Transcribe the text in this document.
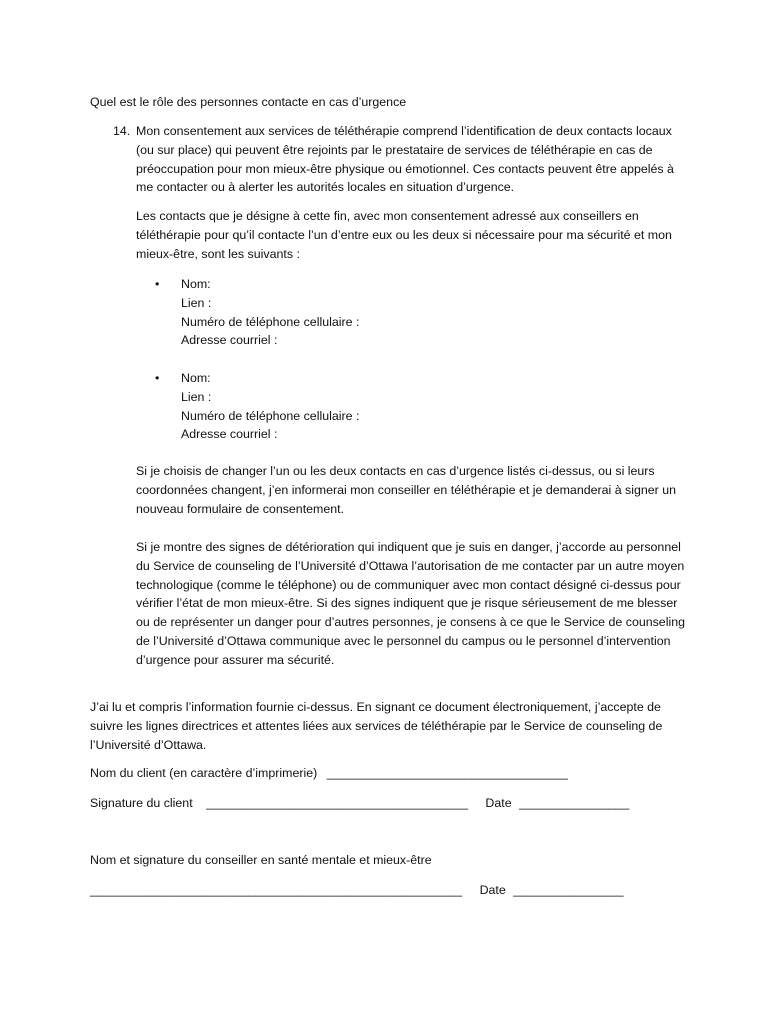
Quel est le rôle des personnes contacte en cas d’urgence
14. Mon consentement aux services de téléthérapie comprend l’identification de deux contacts locaux (ou sur place) qui peuvent être rejoints par le prestataire de services de téléthérapie en cas de préoccupation pour mon mieux-être physique ou émotionnel. Ces contacts peuvent être appelés à me contacter ou à alerter les autorités locales en situation d’urgence.
Les contacts que je désigne à cette fin, avec mon consentement adressé aux conseillers en téléthérapie pour qu’il contacte l’un d’entre eux ou les deux si nécessaire pour ma sécurité et mon mieux-être, sont les suivants :
•	Nom:
Lien :
Numéro de téléphone cellulaire :
Adresse courriel :
•	Nom:
Lien :
Numéro de téléphone cellulaire :
Adresse courriel :
Si je choisis de changer l’un ou les deux contacts en cas d’urgence listés ci-dessus, ou si leurs coordonnées changent, j’en informerai mon conseiller en téléthérapie et je demanderai à signer un nouveau formulaire de consentement.
Si je montre des signes de détérioration qui indiquent que je suis en danger, j’accorde au personnel du Service de counseling de l’Université d’Ottawa l’autorisation de me contacter par un autre moyen technologique (comme le téléphone) ou de communiquer avec mon contact désigné ci-dessus pour vérifier l’état de mon mieux-être. Si des signes indiquent que je risque sérieusement de me blesser ou de représenter un danger pour d’autres personnes, je consens à ce que le Service de counseling de l’Université d’Ottawa communique avec le personnel du campus ou le personnel d’intervention d’urgence pour assurer ma sécurité.
J’ai lu et compris l’information fournie ci-dessus. En signant ce document électroniquement, j’accepte de suivre les lignes directrices et attentes liées aux services de téléthérapie par le Service de counseling de l’Université d’Ottawa.
Nom du client (en caractère d’imprimerie) ___________________________________
Signature du client ______________________________________ Date ________________
Nom et signature du conseiller en santé mentale et mieux-être
______________________________________________________ Date ________________
